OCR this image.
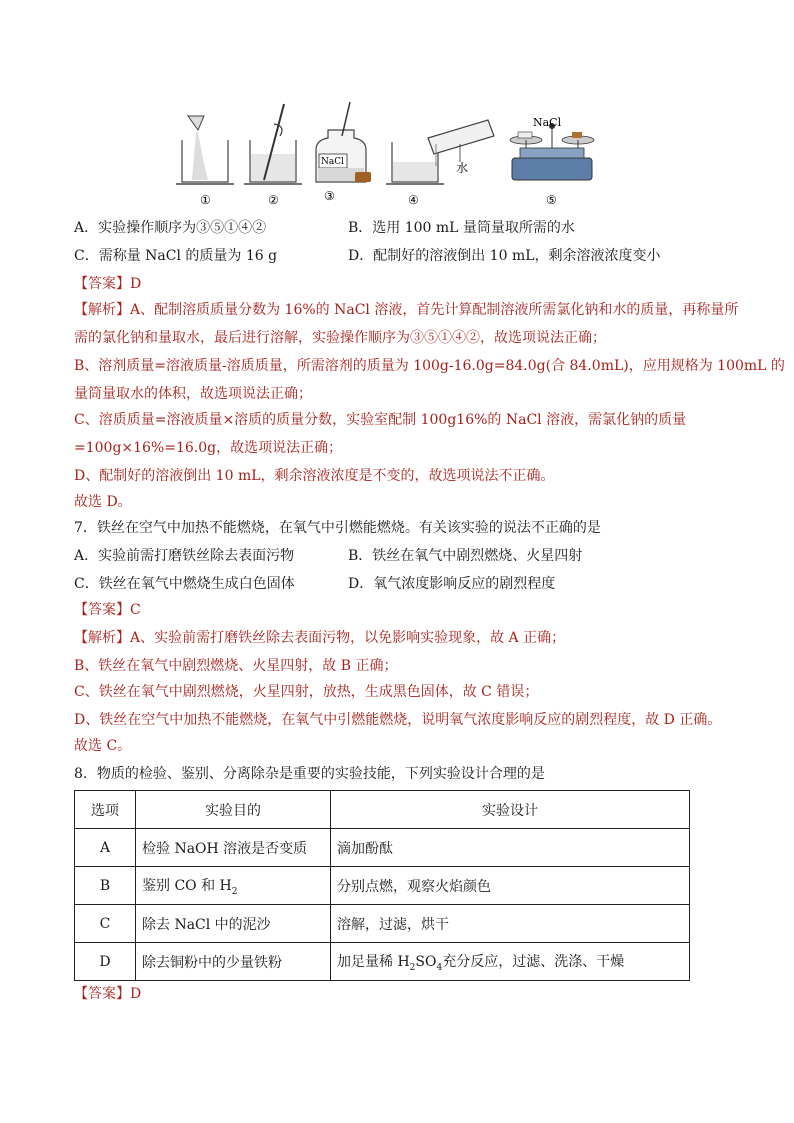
NaCl
NaCl	水
①	②	③	④	⑤
A．实验操作顺序为③⑤①④②	B．选用 100 mL 量筒量取所需的水
C．需称量 NaCl 的质量为 16 g	D．配制好的溶液倒出 10 mL，剩余溶液浓度变小
【答案】D
【解析】A、配制溶质质量分数为 16%的 NaCl 溶液，首先计算配制溶液所需氯化钠和水的质量，再称量所
需的氯化钠和量取水，最后进行溶解，实验操作顺序为③⑤①④②，故选项说法正确；
B、溶剂质量=溶液质量-溶质质量，所需溶剂的质量为 100g-16.0g=84.0g(合 84.0mL)，应用规格为 100mL 的
量筒量取水的体积，故选项说法正确；
C、溶质质量=溶液质量×溶质的质量分数，实验室配制 100g16%的 NaCl 溶液，需氯化钠的质量
=100g×16%=16.0g，故选项说法正确；
D、配制好的溶液倒出 10 mL，剩余溶液浓度是不变的，故选项说法不正确。
故选 D。
7．铁丝在空气中加热不能燃烧，在氧气中引燃能燃烧。有关该实验的说法不正确的是
A．实验前需打磨铁丝除去表面污物	B．铁丝在氧气中剧烈燃烧、火星四射
C．铁丝在氧气中燃烧生成白色固体	D．氧气浓度影响反应的剧烈程度
【答案】C
【解析】A、实验前需打磨铁丝除去表面污物，以免影响实验现象，故 A 正确；
B、铁丝在氧气中剧烈燃烧、火星四射，故 B 正确；
C、铁丝在氧气中剧烈燃烧，火星四射，放热，生成黑色固体，故 C 错误；
D、铁丝在空气中加热不能燃烧，在氧气中引燃能燃烧，说明氧气浓度影响反应的剧烈程度，故 D 正确。
故选 C。
8．物质的检验、鉴别、分离除杂是重要的实验技能，下列实验设计合理的是
选项	实验目的	实验设计
A	检验 NaOH 溶液是否变质	滴加酚酞
B	鉴别 CO 和 $H_2$	分别点燃，观察火焰颜色
C	除去 NaCl 中的泥沙	溶解，过滤，烘干
D	除去铜粉中的少量铁粉	加足量稀 $H_2SO_4$充分反应，过滤、洗涤、干燥
【答案】D
